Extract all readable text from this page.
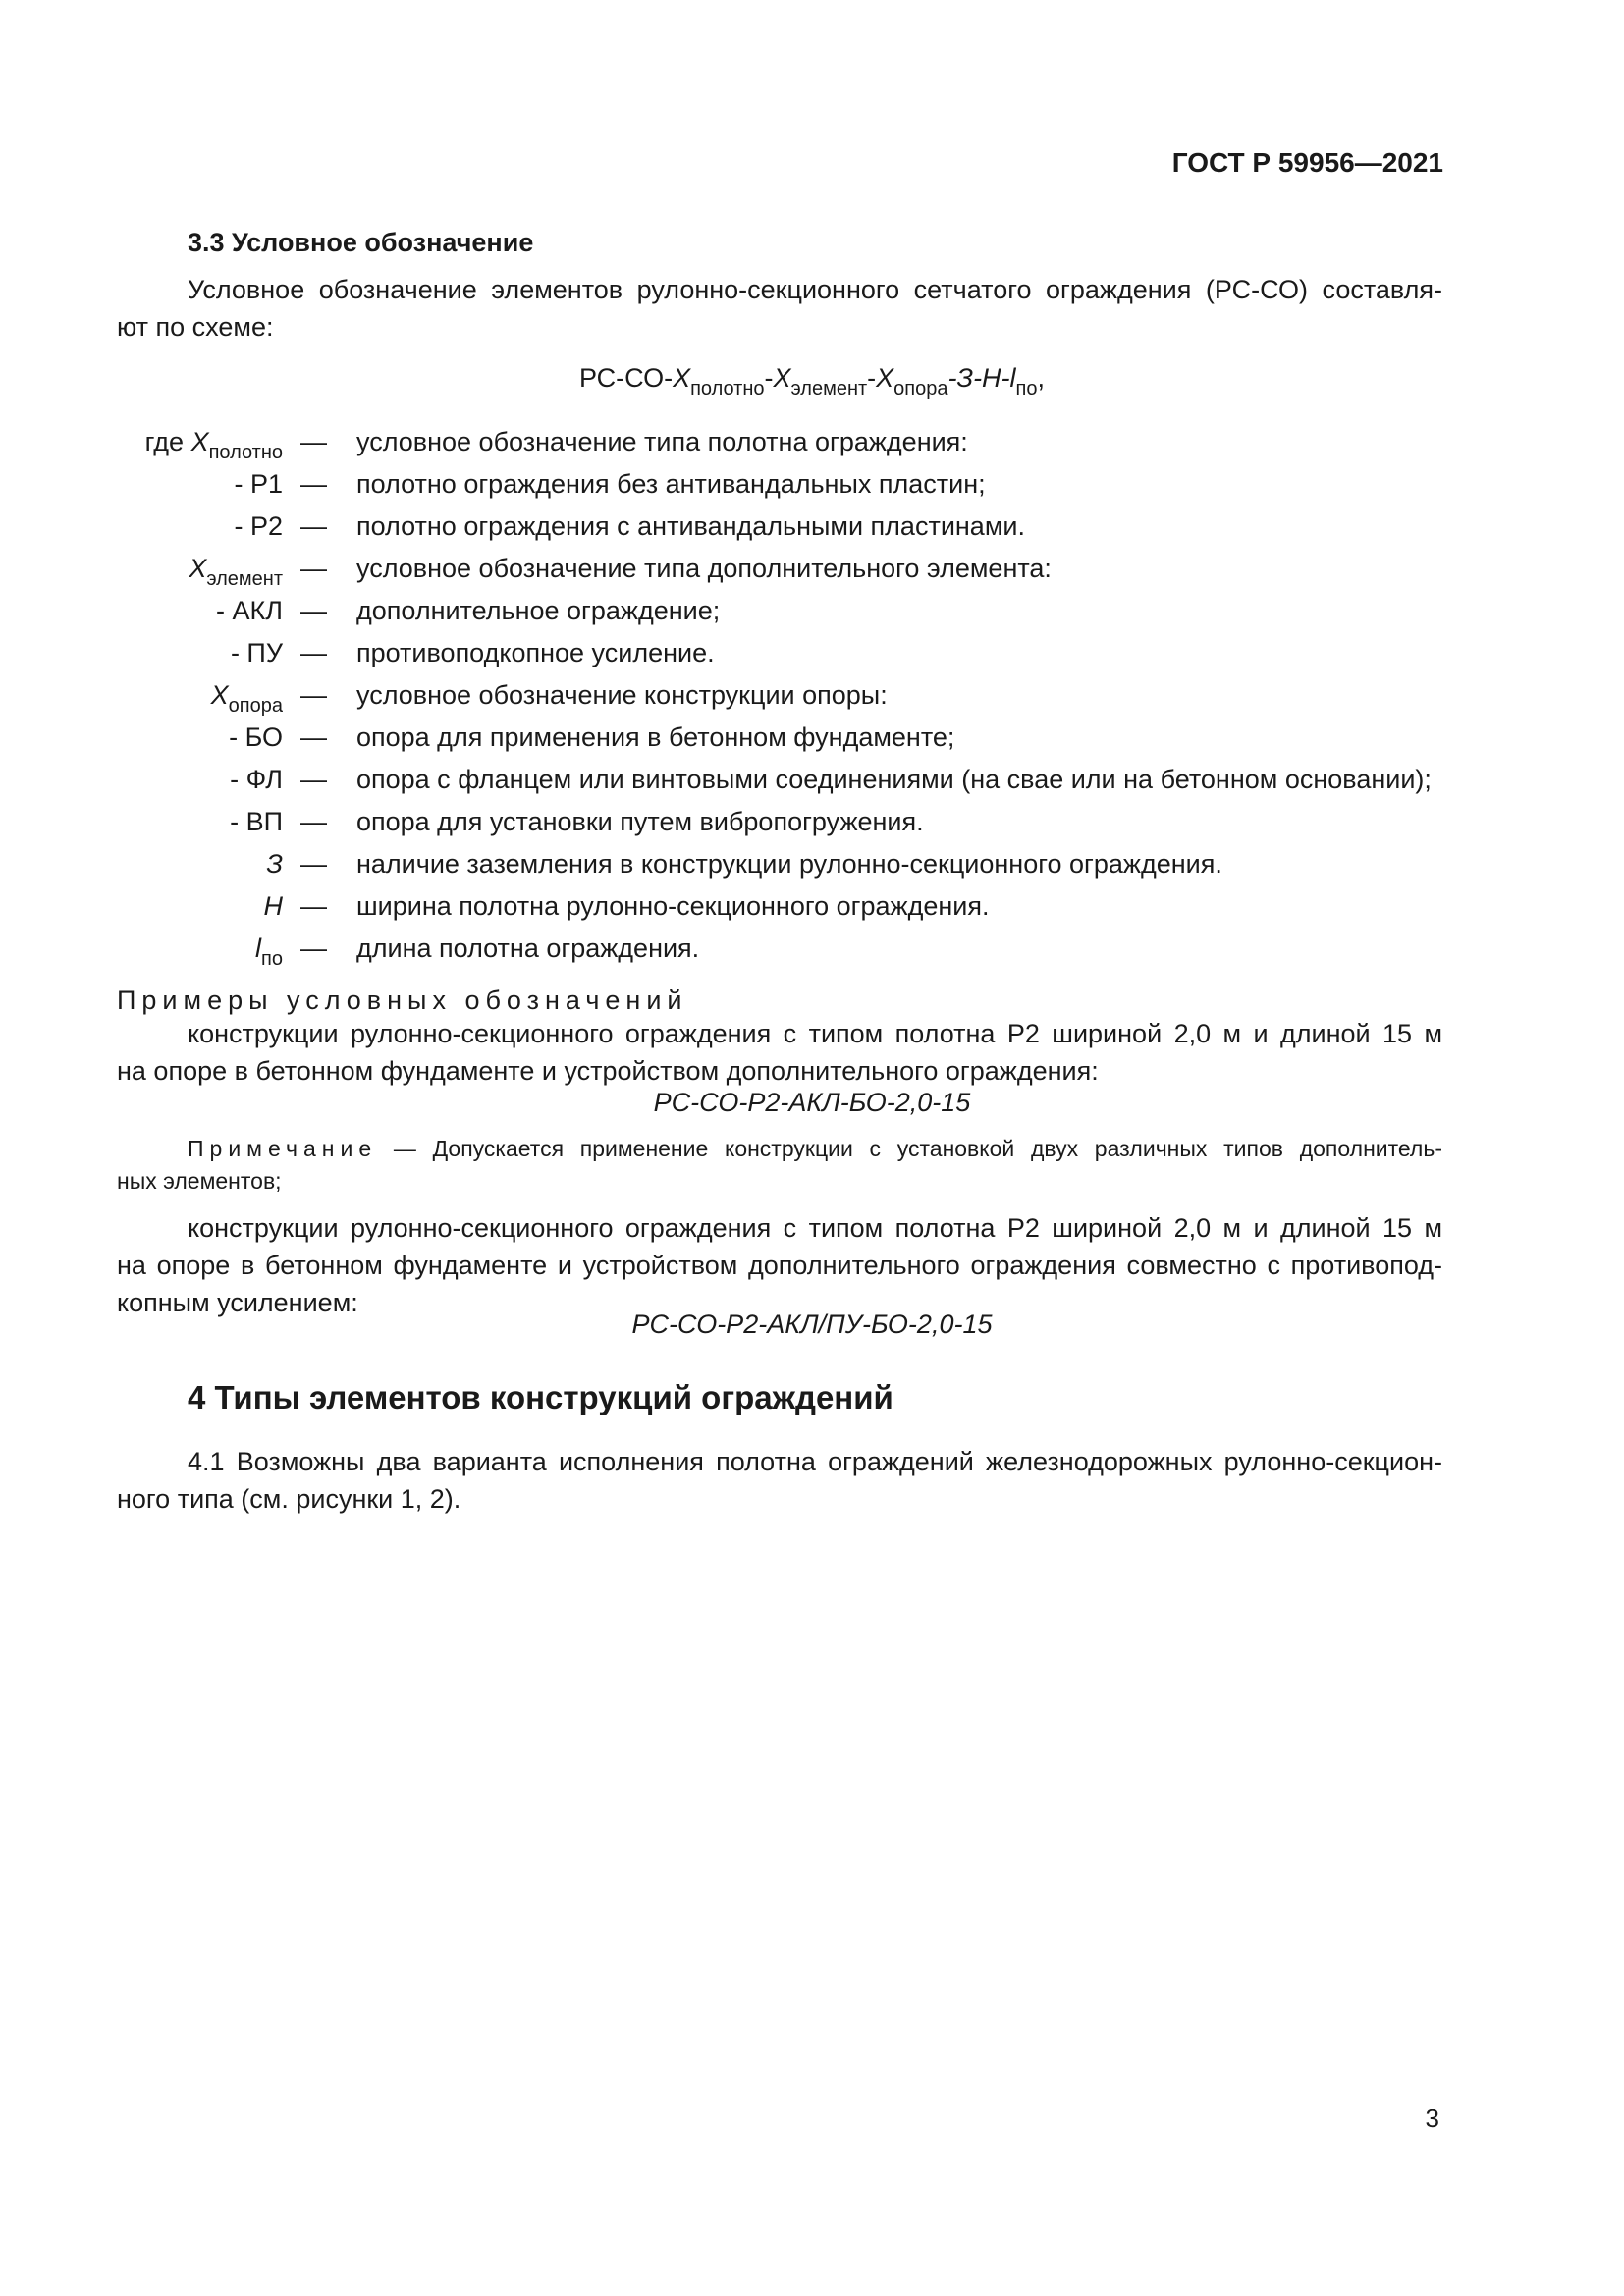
ГОСТ Р 59956—2021
3.3 Условное обозначение
Условное обозначение элементов рулонно-секционного сетчатого ограждения (РС-СО) составля-
ют по схеме:
$РС-СО-X_{полотно}-X_{элемент}-X_{опора}-З-H-l_{по}$,
где $X_{полотно}$ — условное обозначение типа полотна ограждения:
- Р1 — полотно ограждения без антивандальных пластин;
- Р2 — полотно ограждения с антивандальными пластинами.
$X_{элемент}$ — условное обозначение типа дополнительного элемента:
- АКЛ — дополнительное ограждение;
- ПУ — противоподкопное усиление.
$X_{опора}$ — условное обозначение конструкции опоры:
- БО — опора для применения в бетонном фундаменте;
- ФЛ — опора с фланцем или винтовыми соединениями (на свае или на бетонном основании);
- ВП — опора для установки путем вибропогружения.
З — наличие заземления в конструкции рулонно-секционного ограждения.
H — ширина полотна рулонно-секционного ограждения.
$l_{по}$ — длина полотна ограждения.
Примеры условных обозначений
конструкции рулонно-секционного ограждения с типом полотна Р2 шириной 2,0 м и длиной 15 м
на опоре в бетонном фундаменте и устройством дополнительного ограждения:
РС-СО-Р2-АКЛ-БО-2,0-15
Примечание — Допускается применение конструкции с установкой двух различных типов дополнитель-
ных элементов;
конструкции рулонно-секционного ограждения с типом полотна Р2 шириной 2,0 м и длиной 15 м
на опоре в бетонном фундаменте и устройством дополнительного ограждения совместно с противопод-
копным усилением:
РС-СО-Р2-АКЛ/ПУ-БО-2,0-15
4 Типы элементов конструкций ограждений
4.1 Возможны два варианта исполнения полотна ограждений железнодорожных рулонно-секцион-
ного типа (см. рисунки 1, 2).
3
